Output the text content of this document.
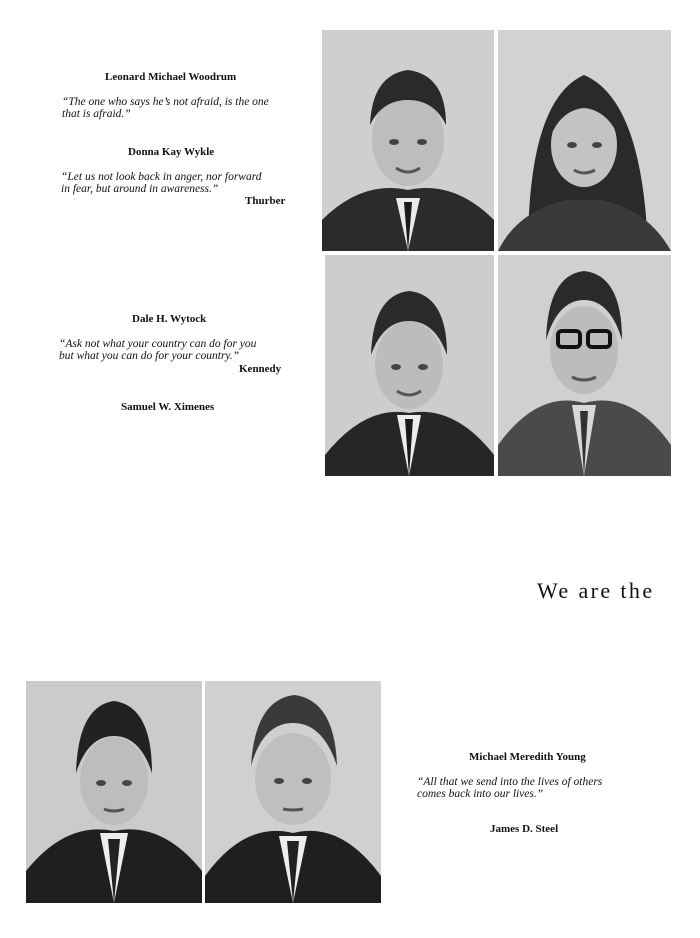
Leonard Michael Woodrum
“The one who says he’s not afraid, is the one
that is afraid.”
Donna Kay Wykle
“Let us not look back in anger, nor forward
in fear, but around in awareness.”
Thurber
Dale H. Wytock
“Ask not what your country can do for you
but what you can do for your country.”
Kennedy
Samuel W. Ximenes
We are the
Michael Meredith Young
“All that we send into the lives of others
comes back into our lives.”
James D. Steel
